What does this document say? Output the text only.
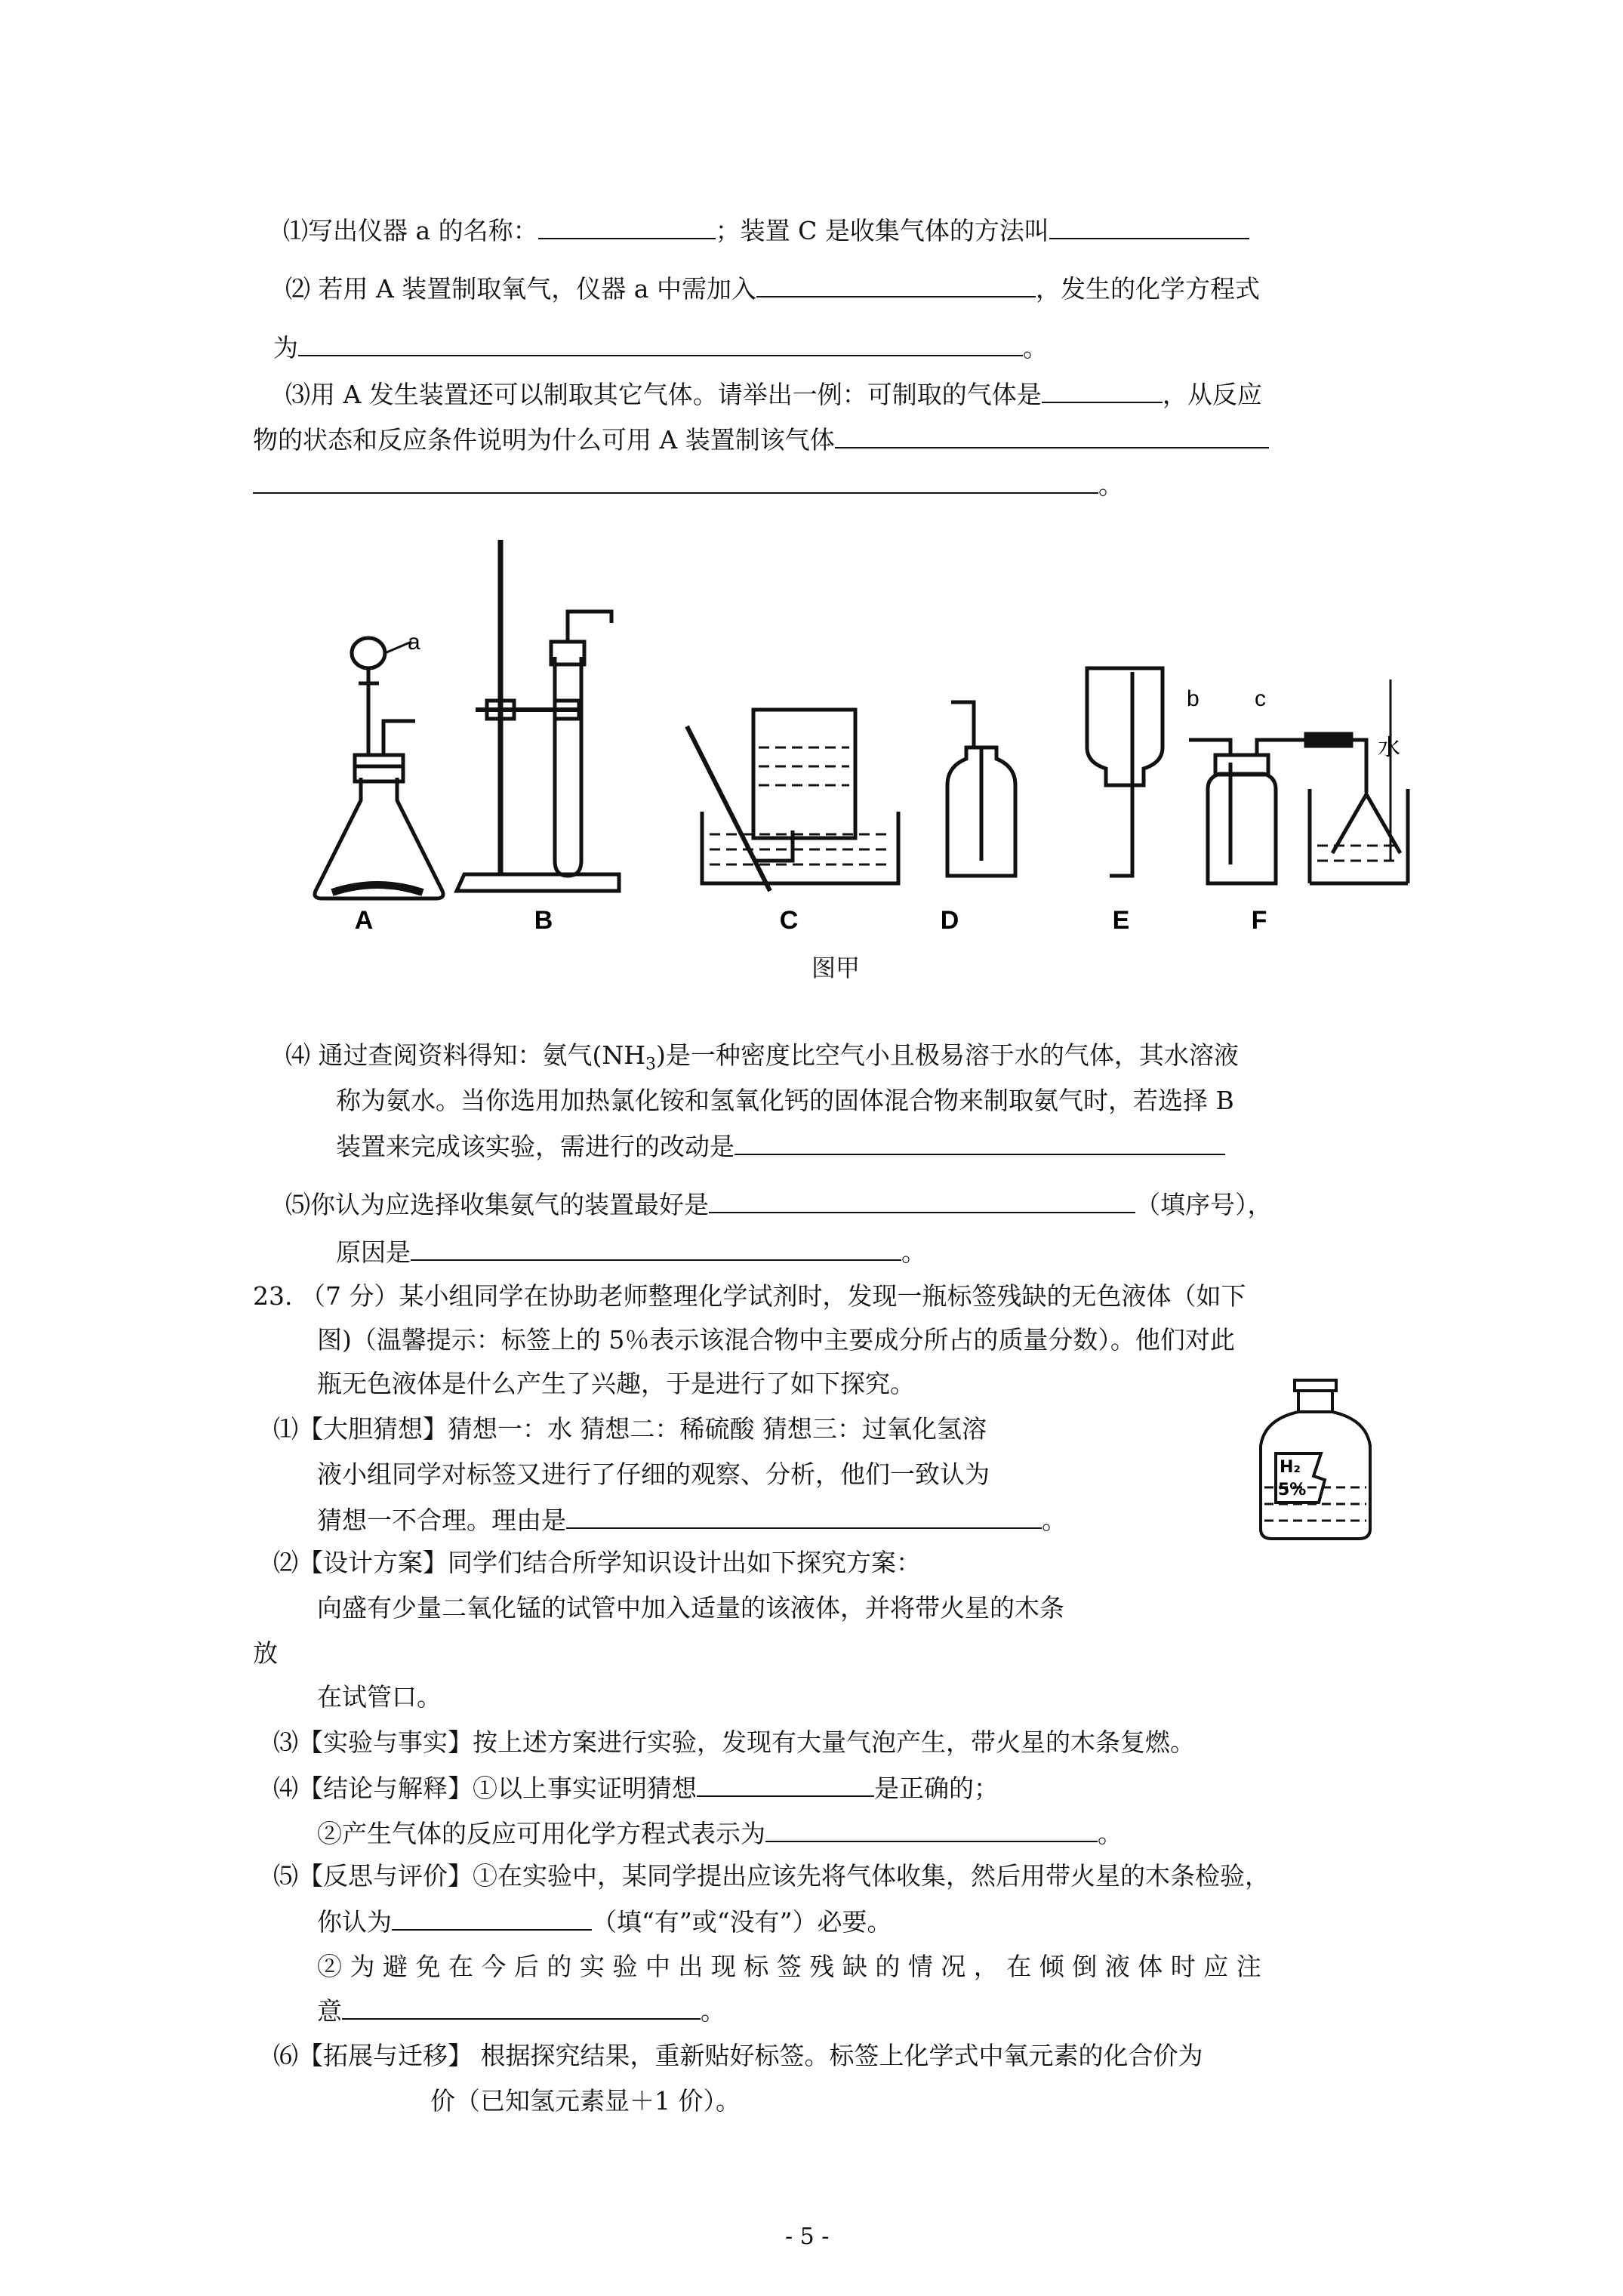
⑴写出仪器 a 的名称：	；装置 C 是收集气体的方法叫
⑵ 若用 A 装置制取氧气，仪器 a 中需加入	，发生的化学方程式
为	。
⑶用 A 发生装置还可以制取其它气体。请举出一例：可制取的气体是	，从反应
物的状态和反应条件说明为什么可用 A 装置制该气体
。
a
b c
水
A	B	C	D	E	F
图甲
⑷ 通过查阅资料得知：氨气$(NH_3)$是一种密度比空气小且极易溶于水的气体，其水溶液
称为氨水。当你选用加热氯化铵和氢氧化钙的固体混合物来制取氨气时，若选择 B
装置来完成该实验，需进行的改动是
⑸你认为应选择收集氨气的装置最好是	（填序号），
原因是	。
23. （7 分）某小组同学在协助老师整理化学试剂时，发现一瓶标签残缺的无色液体（如下
图)（温馨提示：标签上的 5％表示该混合物中主要成分所占的质量分数）。他们对此
瓶无色液体是什么产生了兴趣，于是进行了如下探究。
⑴【大胆猜想】猜想一：水 猜想二：稀硫酸 猜想三：过氧化氢溶
液小组同学对标签又进行了仔细的观察、分析，他们一致认为
猜想一不合理。理由是	。
⑵【设计方案】同学们结合所学知识设计出如下探究方案：
向盛有少量二氧化锰的试管中加入适量的该液体，并将带火星的木条
放
在试管口。
⑶【实验与事实】按上述方案进行实验，发现有大量气泡产生，带火星的木条复燃。
⑷【结论与解释】①以上事实证明猜想	是正确的；
②产生气体的反应可用化学方程式表示为	。
⑸【反思与评价】①在实验中，某同学提出应该先将气体收集，然后用带火星的木条检验，
你认为	（填“有”或“没有”）必要。
② 为 避 免 在 今 后 的 实 验 中 出 现 标 签 残 缺 的 情 况 ， 在 倾 倒 液 体 时 应 注
意	。
⑹【拓展与迁移】 根据探究结果，重新贴好标签。标签上化学式中氧元素的化合价为
价（已知氢元素显＋1 价）。
H₂
5%
- 5 -
